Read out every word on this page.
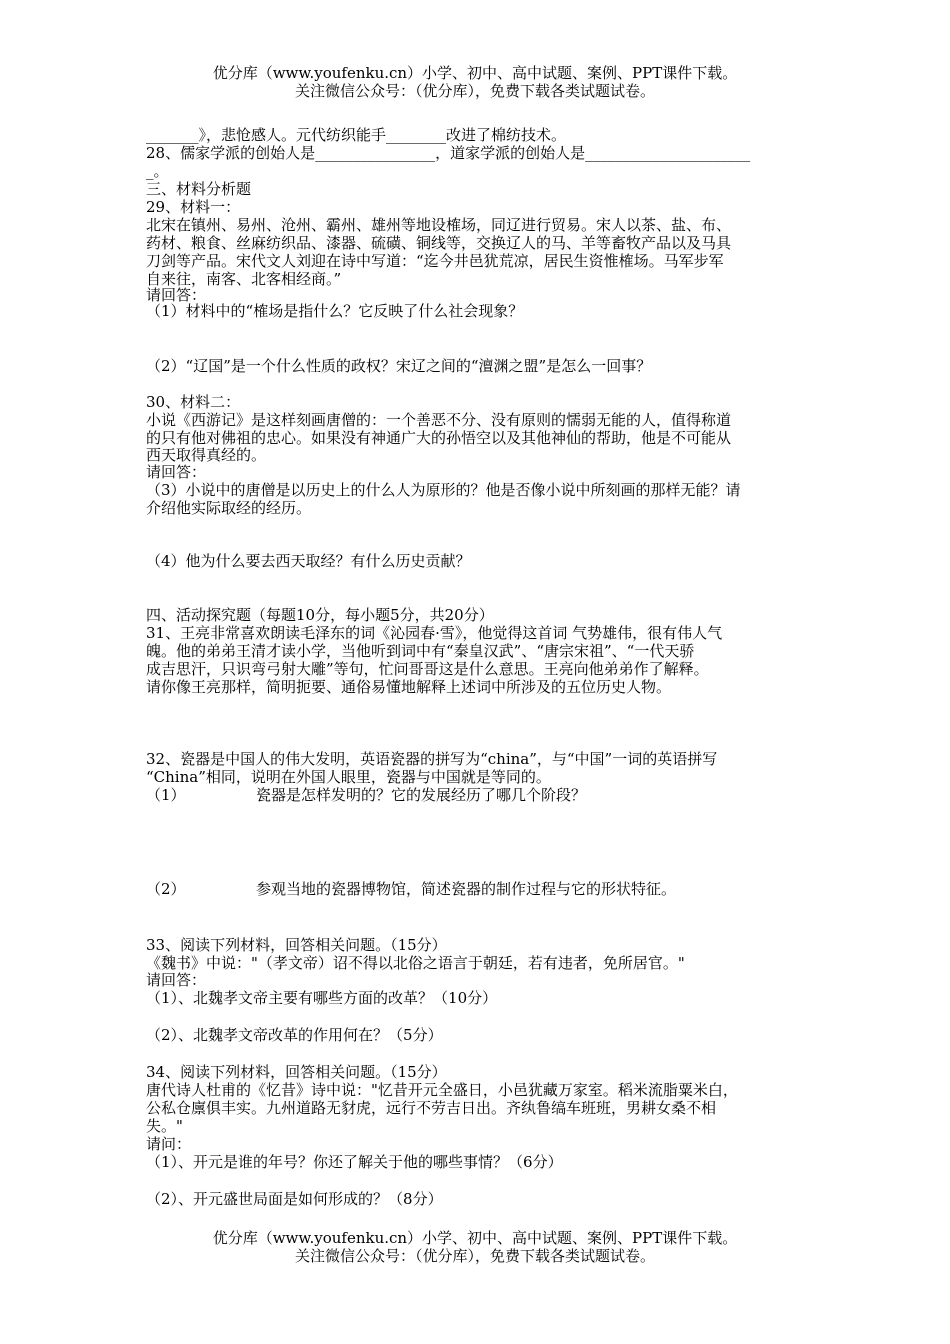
优分库（www.youfenku.cn）小学、初中、高中试题、案例、PPT课件下载。
关注微信公众号：（优分库），免费下载各类试题试卷。
_______》，悲怆感人。元代纺织能手________改进了棉纺技术。
28、儒家学派的创始人是________________，道家学派的创始人是______________________
_。
三、材料分析题
29、材料一：
北宋在镇州、易州、沧州、霸州、雄州等地设榷场，同辽进行贸易。宋人以茶、盐、布、
药材、粮食、丝麻纺织品、漆器、硫磺、铜线等，交换辽人的马、羊等畜牧产品以及马具
刀剑等产品。宋代文人刘迎在诗中写道：“迄今井邑犹荒凉，居民生资惟榷场。马军步军
自来往，南客、北客相经商。”
请回答：
（1）材料中的“榷场是指什么？它反映了什么社会现象？
（2）“辽国”是一个什么性质的政权？宋辽之间的“澶渊之盟”是怎么一回事？
30、材料二：
小说《西游记》是这样刻画唐僧的：一个善恶不分、没有原则的懦弱无能的人，值得称道
的只有他对佛祖的忠心。如果没有神通广大的孙悟空以及其他神仙的帮助，他是不可能从
西天取得真经的。
请回答：
（3）小说中的唐僧是以历史上的什么人为原形的？他是否像小说中所刻画的那样无能？请
介绍他实际取经的经历。
（4）他为什么要去西天取经？有什么历史贡献？
四、活动探究题（每题10分，每小题5分，共20分）
31、王亮非常喜欢朗读毛泽东的词《沁园春·雪》，他觉得这首词 气势雄伟，很有伟人气
魄。他的弟弟王清才读小学，当他听到词中有“秦皇汉武”、“唐宗宋祖”、“一代天骄
成吉思汗，只识弯弓射大雕”等句，忙问哥哥这是什么意思。王亮向他弟弟作了解释。
请你像王亮那样，简明扼要、通俗易懂地解释上述词中所涉及的五位历史人物。
32、瓷器是中国人的伟大发明，英语瓷器的拼写为“china”，与“中国”一词的英语拼写
“China”相同，说明在外国人眼里，瓷器与中国就是等同的。
（1）	瓷器是怎样发明的？它的发展经历了哪几个阶段？
（2）	参观当地的瓷器博物馆，简述瓷器的制作过程与它的形状特征。
33、阅读下列材料，回答相关问题。（15分）
《魏书》中说："（孝文帝）诏不得以北俗之语言于朝廷，若有违者，免所居官。"
请回答：
（1）、北魏孝文帝主要有哪些方面的改革？（10分）
（2）、北魏孝文帝改革的作用何在？（5分）
34、阅读下列材料，回答相关问题。（15分）
唐代诗人杜甫的《忆昔》诗中说："忆昔开元全盛日，小邑犹藏万家室。稻米流脂粟米白，
公私仓廪俱丰实。九州道路无豺虎，远行不劳吉日出。齐纨鲁缟车班班，男耕女桑不相
失。"
请问：
（1）、开元是谁的年号？你还了解关于他的哪些事情？（6分）
（2）、开元盛世局面是如何形成的？（8分）
优分库（www.youfenku.cn）小学、初中、高中试题、案例、PPT课件下载。
关注微信公众号：（优分库），免费下载各类试题试卷。
